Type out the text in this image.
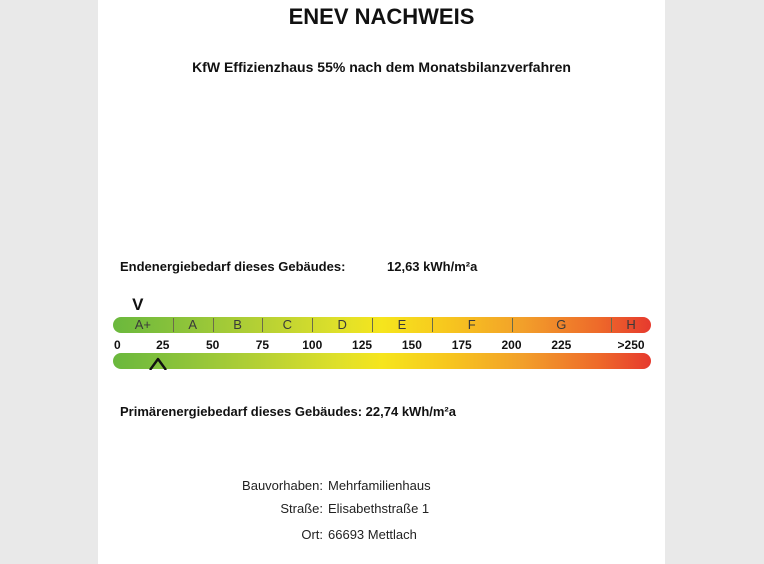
ENEV NACHWEIS
KfW Effizienzhaus 55% nach dem Monatsbilanzverfahren
Endenergiebedarf dieses Gebäudes:	12,63 kWh/m²a
V
A+	A	B	C	D	E	F	G	H
0	25	50	75	100 125 150 175 200 225	>250
Primärenergiebedarf dieses Gebäudes: 22,74 kWh/m²a
Bauvorhaben: Mehrfamilienhaus
Straße: Elisabethstraße 1
Ort: 66693 Mettlach
